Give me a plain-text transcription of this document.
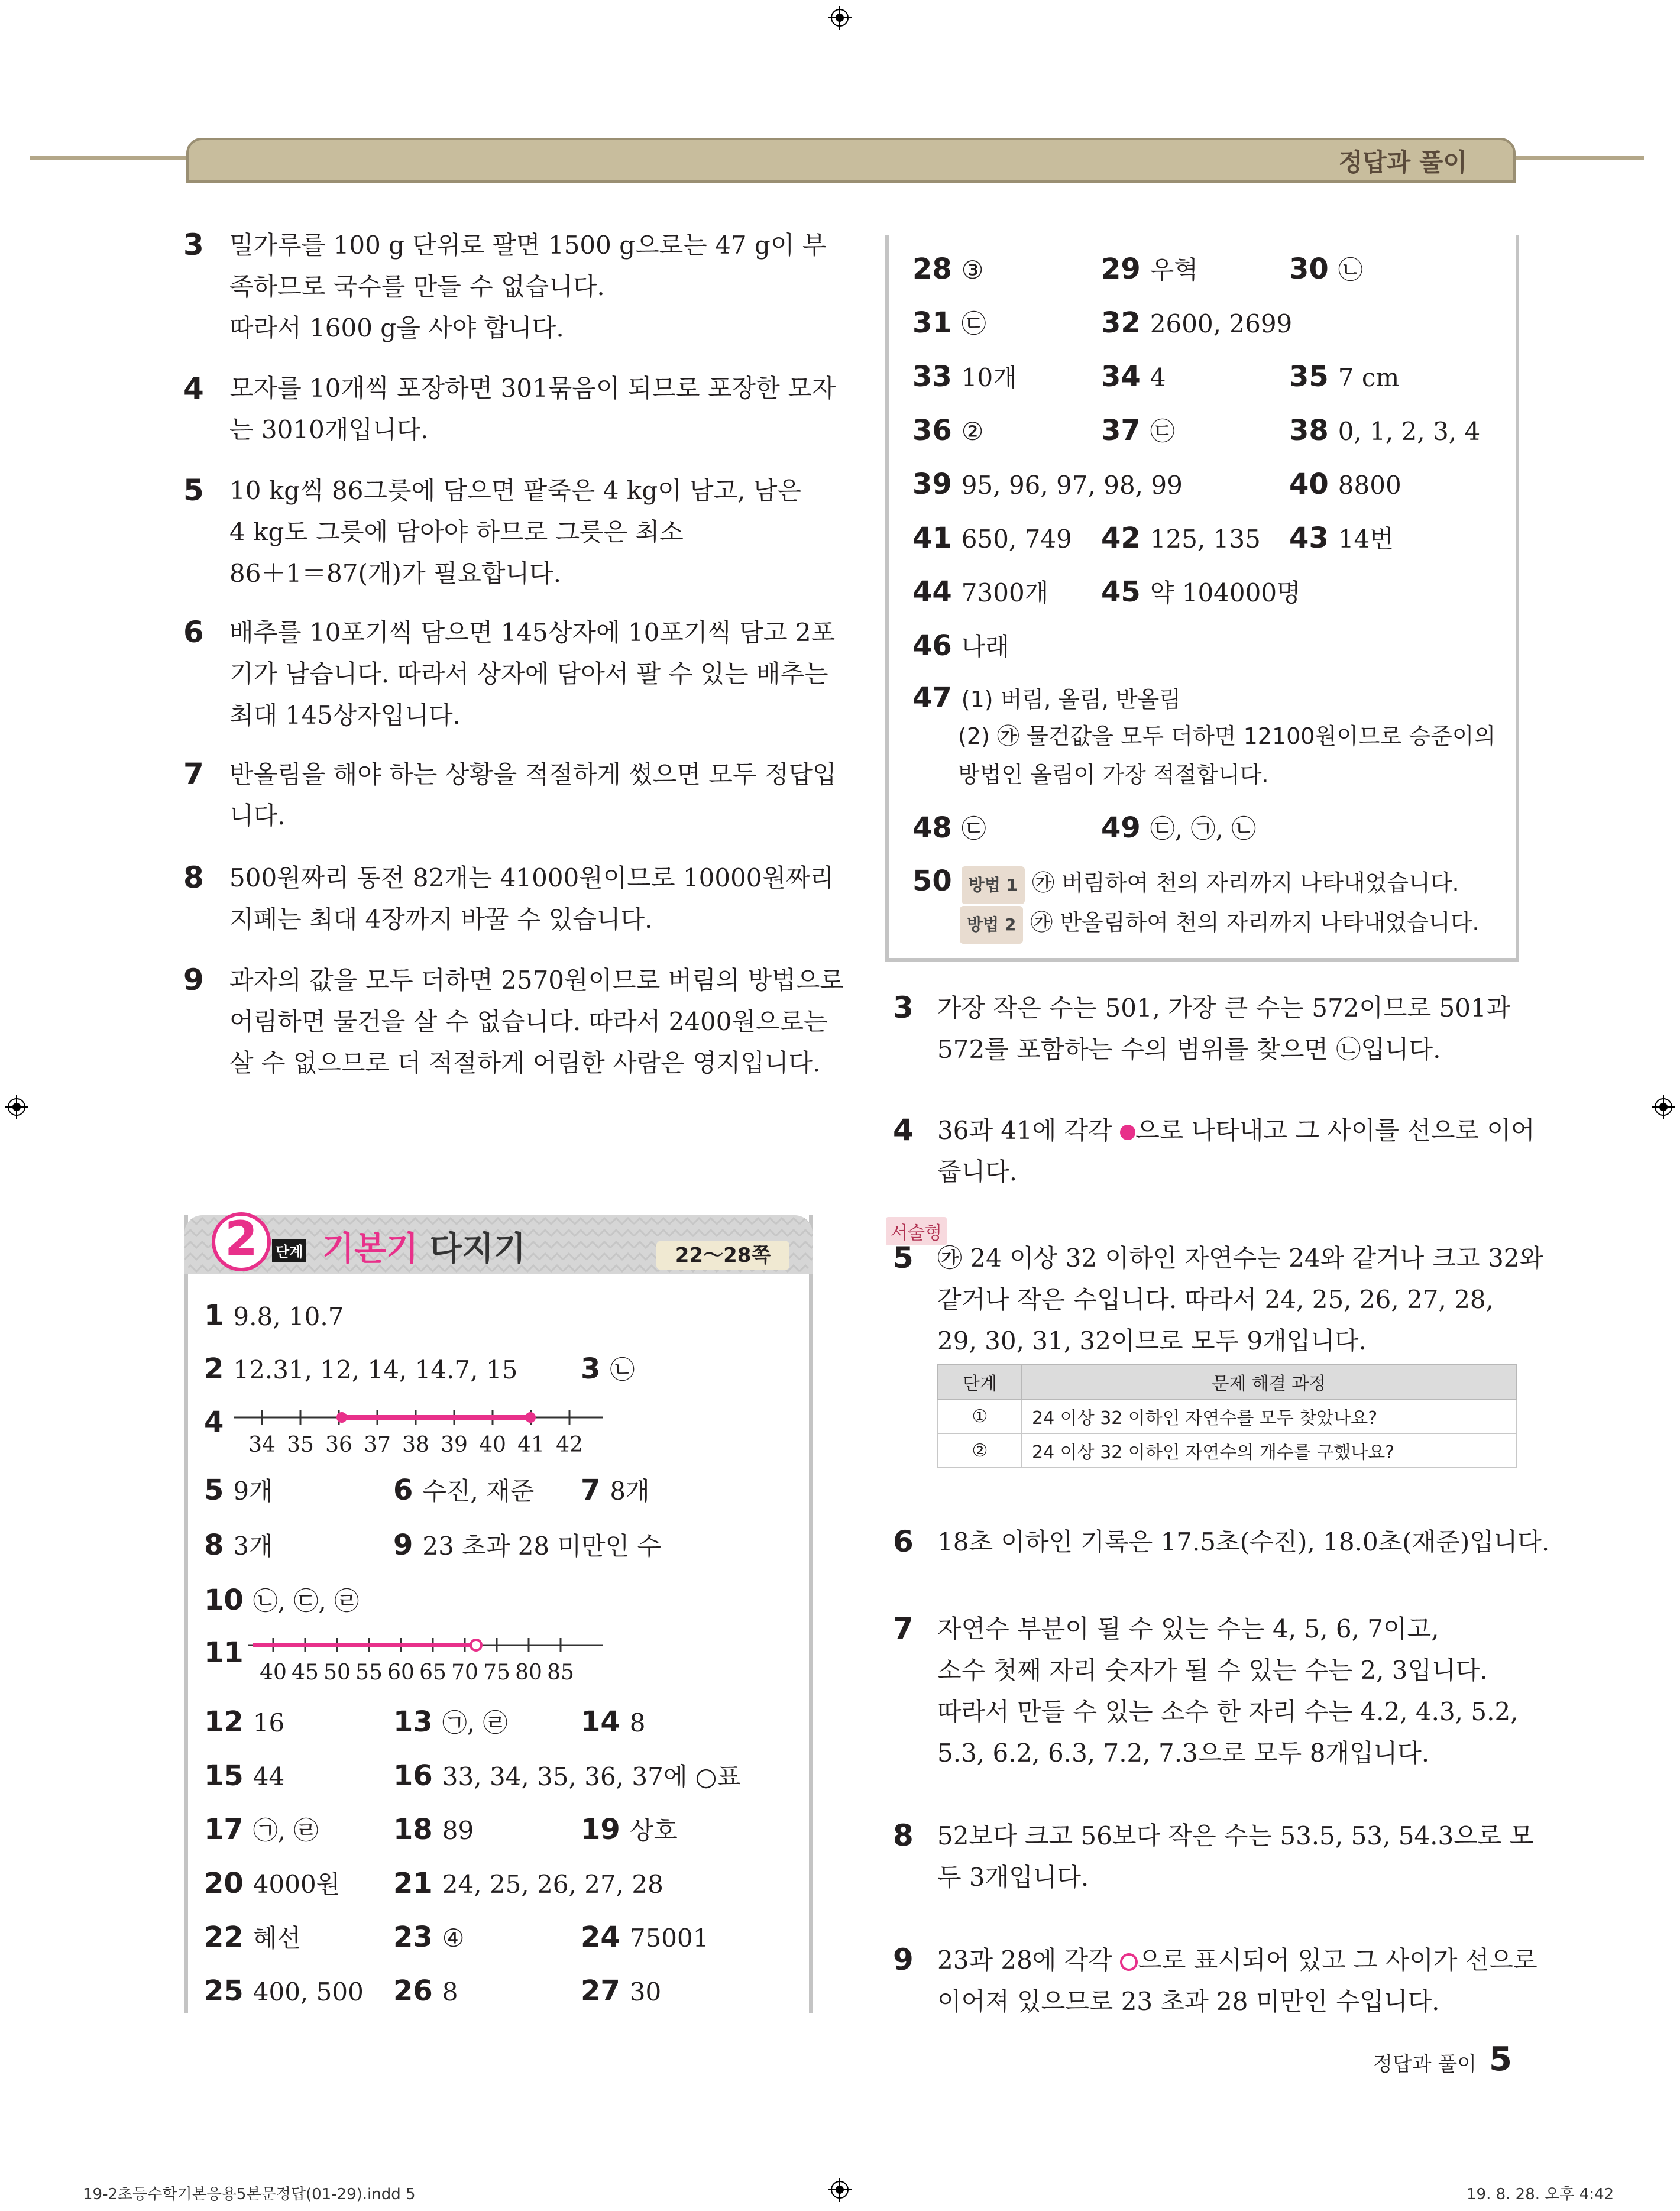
정답과 풀이
3 밀가루를 100 g 단위로 팔면 1500 g으로는 47 g이 부
족하므로 국수를 만들 수 없습니다.
따라서 1600 g을 사야 합니다.
4 모자를 10개씩 포장하면 301묶음이 되므로 포장한 모자
는 3010개입니다.
5 10 kg씩 86그릇에 담으면 팥죽은 4 kg이 남고, 남은
4 kg도 그릇에 담아야 하므로 그릇은 최소
86＋1＝87(개)가 필요합니다.
6 배추를 10포기씩 담으면 145상자에 10포기씩 담고 2포
기가 남습니다. 따라서 상자에 담아서 팔 수 있는 배추는
최대 145상자입니다.
7 반올림을 해야 하는 상황을 적절하게 썼으면 모두 정답입
니다.
8 500원짜리 동전 82개는 41000원이므로 10000원짜리
지폐는 최대 4장까지 바꿀 수 있습니다.
9 과자의 값을 모두 더하면 2570원이므로 버림의 방법으로
어림하면 물건을 살 수 없습니다. 따라서 2400원으로는
살 수 없으므로 더 적절하게 어림한 사람은 영지입니다.
2	단계 기본기 다지기	22～28쪽
1 9.8, 10.7
2 12.31, 12, 14, 14.7, 15 3 ㉡
4
34 35 36 37 38 39 40 41 42
5 9개	6 수진, 재준 7 8개
8 3개	9 23 초과 28 미만인 수
10 ㉡, ㉢, ㉣
11
40 45 50 55 60 65 70 75 80 85
12 16	13 ㉠, ㉣	14 8
15 44	16 33, 34, 35, 36, 37에 ○표
17 ㉠, ㉣	18 89	19 상호
20 4000원 21 24, 25, 26, 27, 28
22 혜선	23 ④	24 75001
25 400, 500 26 8	27 30
28 ③	29 우혁	30 ㉡
31 ㉢	32 2600, 2699
33 10개	34 4	35 7 cm
36 ②	37 ㉢	38 0, 1, 2, 3, 4
39 95, 96, 97, 98, 99	40 8800
41 650, 749 42 125, 135 43 14번
44 7300개 45 약 104000명
46 나래
47 (1) 버림, 올림, 반올림
(2) ㉮ 물건값을 모두 더하면 12100원이므로 승준이의
방법인 올림이 가장 적절합니다.
48 ㉢	49 ㉢, ㉠, ㉡
50 방법 1 ㉮ 버림하여 천의 자리까지 나타내었습니다.
방법 2 ㉮ 반올림하여 천의 자리까지 나타내었습니다.
3 가장 작은 수는 501, 가장 큰 수는 572이므로 501과
572를 포함하는 수의 범위를 찾으면 ㉡입니다.
4 36과 41에 각각 으로 나타내고 그 사이를 선으로 이어
줍니다.
서술형
5 ㉮ 24 이상 32 이하인 자연수는 24와 같거나 크고 32와
같거나 작은 수입니다. 따라서 24, 25, 26, 27, 28,
29, 30, 31, 32이므로 모두 9개입니다.
단계	문제 해결 과정
①	24 이상 32 이하인 자연수를 모두 찾았나요?
②	24 이상 32 이하인 자연수의 개수를 구했나요?
6 18초 이하인 기록은 17.5초(수진), 18.0초(재준)입니다.
7 자연수 부분이 될 수 있는 수는 4, 5, 6, 7이고,
소수 첫째 자리 숫자가 될 수 있는 수는 2, 3입니다.
따라서 만들 수 있는 소수 한 자리 수는 4.2, 4.3, 5.2,
5.3, 6.2, 6.3, 7.2, 7.3으로 모두 8개입니다.
8 52보다 크고 56보다 작은 수는 53.5, 53, 54.3으로 모
두 3개입니다.
9 23과 28에 각각 으로 표시되어 있고 그 사이가 선으로
이어져 있으므로 23 초과 28 미만인 수입니다.
정답과 풀이 5
19-2초등수학기본응용5본문정답(01-29).indd 5	19. 8. 28. 오후 4:42
